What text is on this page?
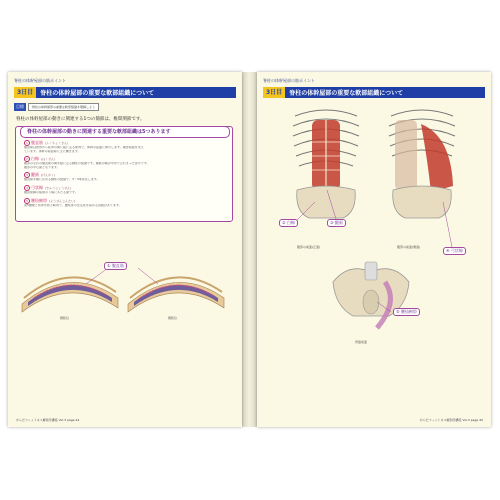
脊柱の体幹屋部の筋ポイント
3日目	脊柱の体幹屋部の重要な軟部組織について
目標	脊柱の体幹屋部の重要な軟部組織を理解しよう
脊柱の体幹屋部の動きに関連する1つの簡節は、椎間関節です。
脊柱の体幹屋部の動きに関連する重要な軟部組織は5つあります
1 腹直筋 (ふくちょくきん)
腹直筋は肋骨から恥骨の間に縦に走る筋肉で、体幹の屈曲に関与します。腹部前面を支え
ています。体幹の前屈時に主に働きます。
2 白線 (はくせん)
腹部の左右の腹直筋の間を縦に走る腱性の組織です。腹筋の鞘が中央で合わさった部分です。
腹部の中心線となります。
3 腱画 (けんかく)
腹直筋を横に区切る腱性の組織で、3～4本存在します。
4 弓状線 (きゅうじょうせん)
腹直筋鞘の後葉の下端にあたる線です。
5 腰仙靭帯 (ようせんじんたい)
第5腰椎と仙骨を結ぶ靭帯で、腰仙部の安定性を高める役割があります。
① 腹直筋
側臥位	側臥位
からだフィットネス解剖学講座 Vol.3 page 44
脊柱の体幹屋部の筋ポイント
3日目	脊柱の体幹屋部の重要な軟部組織について
② 白線	③ 腱画
④ 弓状線
⑤ 腰仙靭帯
腹部の前面(正面)	腹部の前面(側面)
骨盤前面
からだフィットネス解剖学講座 Vol.3 page 45
